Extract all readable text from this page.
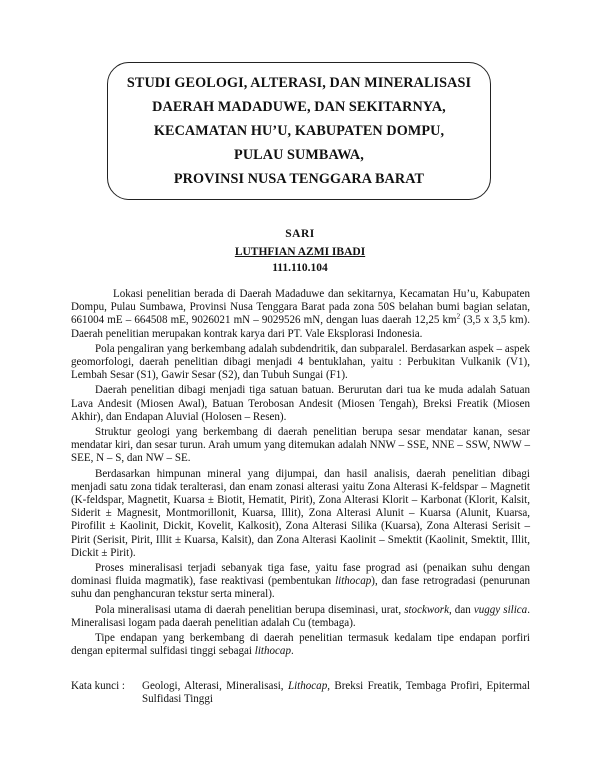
STUDI GEOLOGI, ALTERASI, DAN MINERALISASI
DAERAH MADADUWE, DAN SEKITARNYA,
KECAMATAN HU’U, KABUPATEN DOMPU,
PULAU SUMBAWA,
PROVINSI NUSA TENGGARA BARAT
SARI
LUTHFIAN AZMI IBADI
111.110.104

Lokasi penelitian berada di Daerah Madaduwe dan sekitarnya, Kecamatan Hu’u, Kabupaten Dompu, Pulau Sumbawa, Provinsi Nusa Tenggara Barat pada zona 50S belahan bumi bagian selatan, 661004 mE – 664508 mE, 9026021 mN – 9029526 mN, dengan luas daerah 12,25 $km^2$ (3,5 x 3,5 km). Daerah penelitian merupakan kontrak karya dari PT. Vale Eksplorasi Indonesia.

Pola pengaliran yang berkembang adalah subdendritik, dan subparalel. Berdasarkan aspek – aspek geomorfologi, daerah penelitian dibagi menjadi 4 bentuklahan, yaitu : Perbukitan Vulkanik (V1), Lembah Sesar (S1), Gawir Sesar (S2), dan Tubuh Sungai (F1).

Daerah penelitian dibagi menjadi tiga satuan batuan. Berurutan dari tua ke muda adalah Satuan Lava Andesit (Miosen Awal), Batuan Terobosan Andesit (Miosen Tengah), Breksi Freatik (Miosen Akhir), dan Endapan Aluvial (Holosen – Resen).

Struktur geologi yang berkembang di daerah penelitian berupa sesar mendatar kanan, sesar mendatar kiri, dan sesar turun. Arah umum yang ditemukan adalah NNW – SSE, NNE – SSW, NWW – SEE, N – S, dan NW – SE.

Berdasarkan himpunan mineral yang dijumpai, dan hasil analisis, daerah penelitian dibagi menjadi satu zona tidak teralterasi, dan enam zonasi alterasi yaitu Zona Alterasi K-feldspar – Magnetit (K-feldspar, Magnetit, Kuarsa ± Biotit, Hematit, Pirit), Zona Alterasi Klorit – Karbonat (Klorit, Kalsit, Siderit ± Magnesit, Montmorillonit, Kuarsa, Illit), Zona Alterasi Alunit – Kuarsa (Alunit, Kuarsa, Pirofilit ± Kaolinit, Dickit, Kovelit, Kalkosit), Zona Alterasi Silika (Kuarsa), Zona Alterasi Serisit – Pirit (Serisit, Pirit, Illit ± Kuarsa, Kalsit), dan Zona Alterasi Kaolinit – Smektit (Kaolinit, Smektit, Illit, Dickit ± Pirit).

Proses mineralisasi terjadi sebanyak tiga fase, yaitu fase prograd asi (penaikan suhu dengan dominasi fluida magmatik), fase reaktivasi (pembentukan lithocap), dan fase retrogradasi (penurunan suhu dan penghancuran tekstur serta mineral).

Pola mineralisasi utama di daerah penelitian berupa diseminasi, urat, stockwork, dan vuggy silica. Mineralisasi logam pada daerah penelitian adalah Cu (tembaga).

Tipe endapan yang berkembang di daerah penelitian termasuk kedalam tipe endapan porfiri dengan epitermal sulfidasi tinggi sebagai lithocap.

Kata kunci :	Geologi, Alterasi, Mineralisasi, Lithocap, Breksi Freatik, Tembaga Profiri, Epitermal Sulfidasi Tinggi
